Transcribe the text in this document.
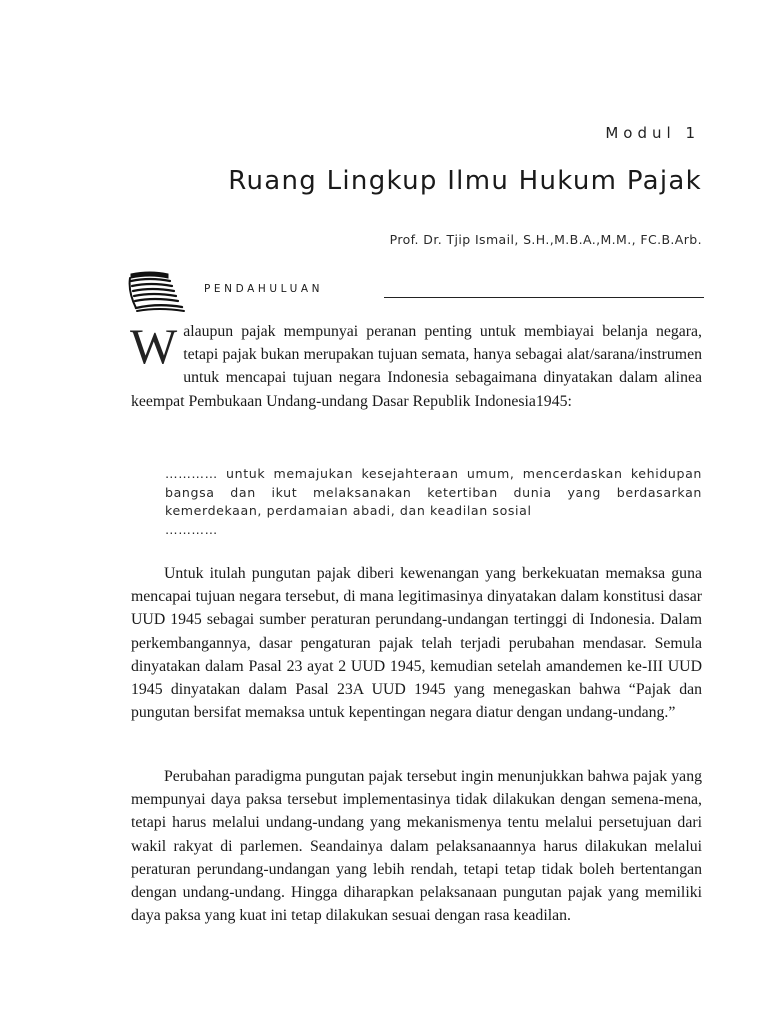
Modul 1
Ruang Lingkup Ilmu Hukum Pajak
Prof. Dr. Tjip Ismail, S.H.,M.B.A.,M.M., FC.B.Arb.
PENDAHULUAN
Walaupun pajak mempunyai peranan penting untuk membiayai belanja negara, tetapi pajak bukan merupakan tujuan semata, hanya sebagai alat/sarana/instrumen untuk mencapai tujuan negara Indonesia sebagaimana dinyatakan dalam alinea keempat Pembukaan Undang-undang Dasar Republik Indonesia1945:
………… untuk memajukan kesejahteraan umum, mencerdaskan kehidupan bangsa dan ikut melaksanakan ketertiban dunia yang berdasarkan kemerdekaan, perdamaian abadi, dan keadilan sosial
…………
Untuk itulah pungutan pajak diberi kewenangan yang berkekuatan memaksa guna mencapai tujuan negara tersebut, di mana legitimasinya dinyatakan dalam konstitusi dasar UUD 1945 sebagai sumber peraturan perundang-undangan tertinggi di Indonesia. Dalam perkembangannya, dasar pengaturan pajak telah terjadi perubahan mendasar. Semula dinyatakan dalam Pasal 23 ayat 2 UUD 1945, kemudian setelah amandemen ke-III UUD 1945 dinyatakan dalam Pasal 23A UUD 1945 yang menegaskan bahwa “Pajak dan pungutan bersifat memaksa untuk kepentingan negara diatur dengan undang-undang.”
Perubahan paradigma pungutan pajak tersebut ingin menunjukkan bahwa pajak yang mempunyai daya paksa tersebut implementasinya tidak dilakukan dengan semena-mena, tetapi harus melalui undang-undang yang mekanismenya tentu melalui persetujuan dari wakil rakyat di parlemen. Seandainya dalam pelaksanaannya harus dilakukan melalui peraturan perundang-undangan yang lebih rendah, tetapi tetap tidak boleh bertentangan dengan undang-undang. Hingga diharapkan pelaksanaan pungutan pajak yang memiliki daya paksa yang kuat ini tetap dilakukan sesuai dengan rasa keadilan.
